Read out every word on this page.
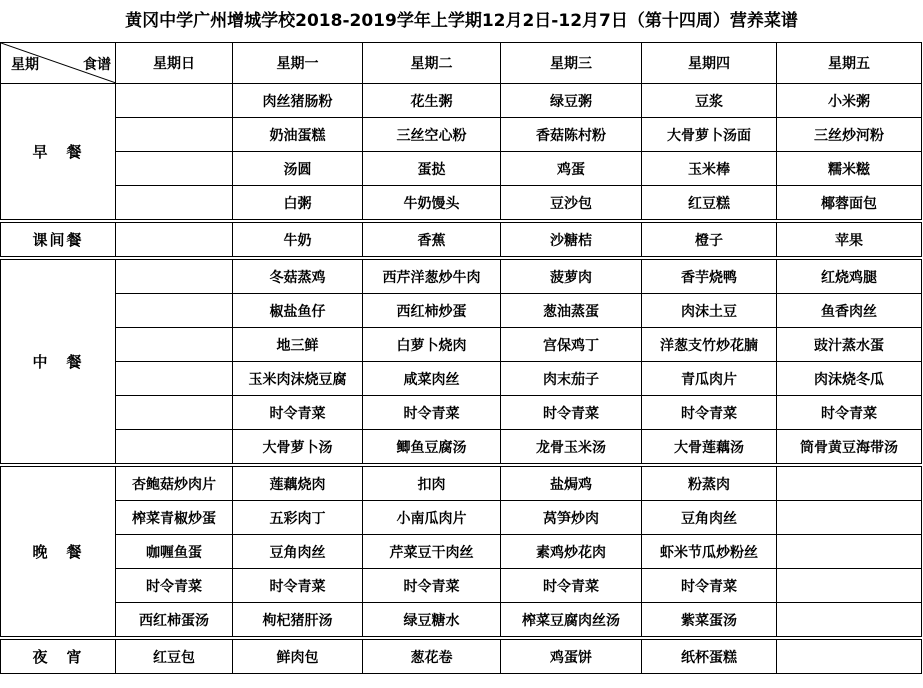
黄冈中学广州增城学校2018-2019学年上学期12月2日-12月7日（第十四周）营养菜谱
星期 食谱	星期日	星期一	星期二	星期三	星期四	星期五
早　餐		肉丝猪肠粉	花生粥	绿豆粥	豆浆	小米粥
		奶油蛋糕	三丝空心粉	香菇陈村粉	大骨萝卜汤面	三丝炒河粉
		汤圆	蛋挞	鸡蛋	玉米棒	糯米糍
		白粥	牛奶馒头	豆沙包	红豆糕	椰蓉面包
课间餐		牛奶	香蕉	沙糖桔	橙子	苹果
中　餐		冬菇蒸鸡	西芹洋葱炒牛肉	菠萝肉	香芋烧鸭	红烧鸡腿
		椒盐鱼仔	西红柿炒蛋	葱油蒸蛋	肉沫土豆	鱼香肉丝
		地三鲜	白萝卜烧肉	宫保鸡丁	洋葱支竹炒花腩	豉汁蒸水蛋
		玉米肉沫烧豆腐	咸菜肉丝	肉末茄子	青瓜肉片	肉沫烧冬瓜
		时令青菜	时令青菜	时令青菜	时令青菜	时令青菜
		大骨萝卜汤	鲫鱼豆腐汤	龙骨玉米汤	大骨莲藕汤	筒骨黄豆海带汤
晚　餐	杏鲍菇炒肉片	莲藕烧肉	扣肉	盐焗鸡	粉蒸肉	
	榨菜青椒炒蛋	五彩肉丁	小南瓜肉片	莴笋炒肉	豆角肉丝	
	咖喱鱼蛋	豆角肉丝	芹菜豆干肉丝	素鸡炒花肉	虾米节瓜炒粉丝	
	时令青菜	时令青菜	时令青菜	时令青菜	时令青菜	
	西红柿蛋汤	枸杞猪肝汤	绿豆糖水	榨菜豆腐肉丝汤	紫菜蛋汤	
夜　宵	红豆包	鲜肉包	葱花卷	鸡蛋饼	纸杯蛋糕	
